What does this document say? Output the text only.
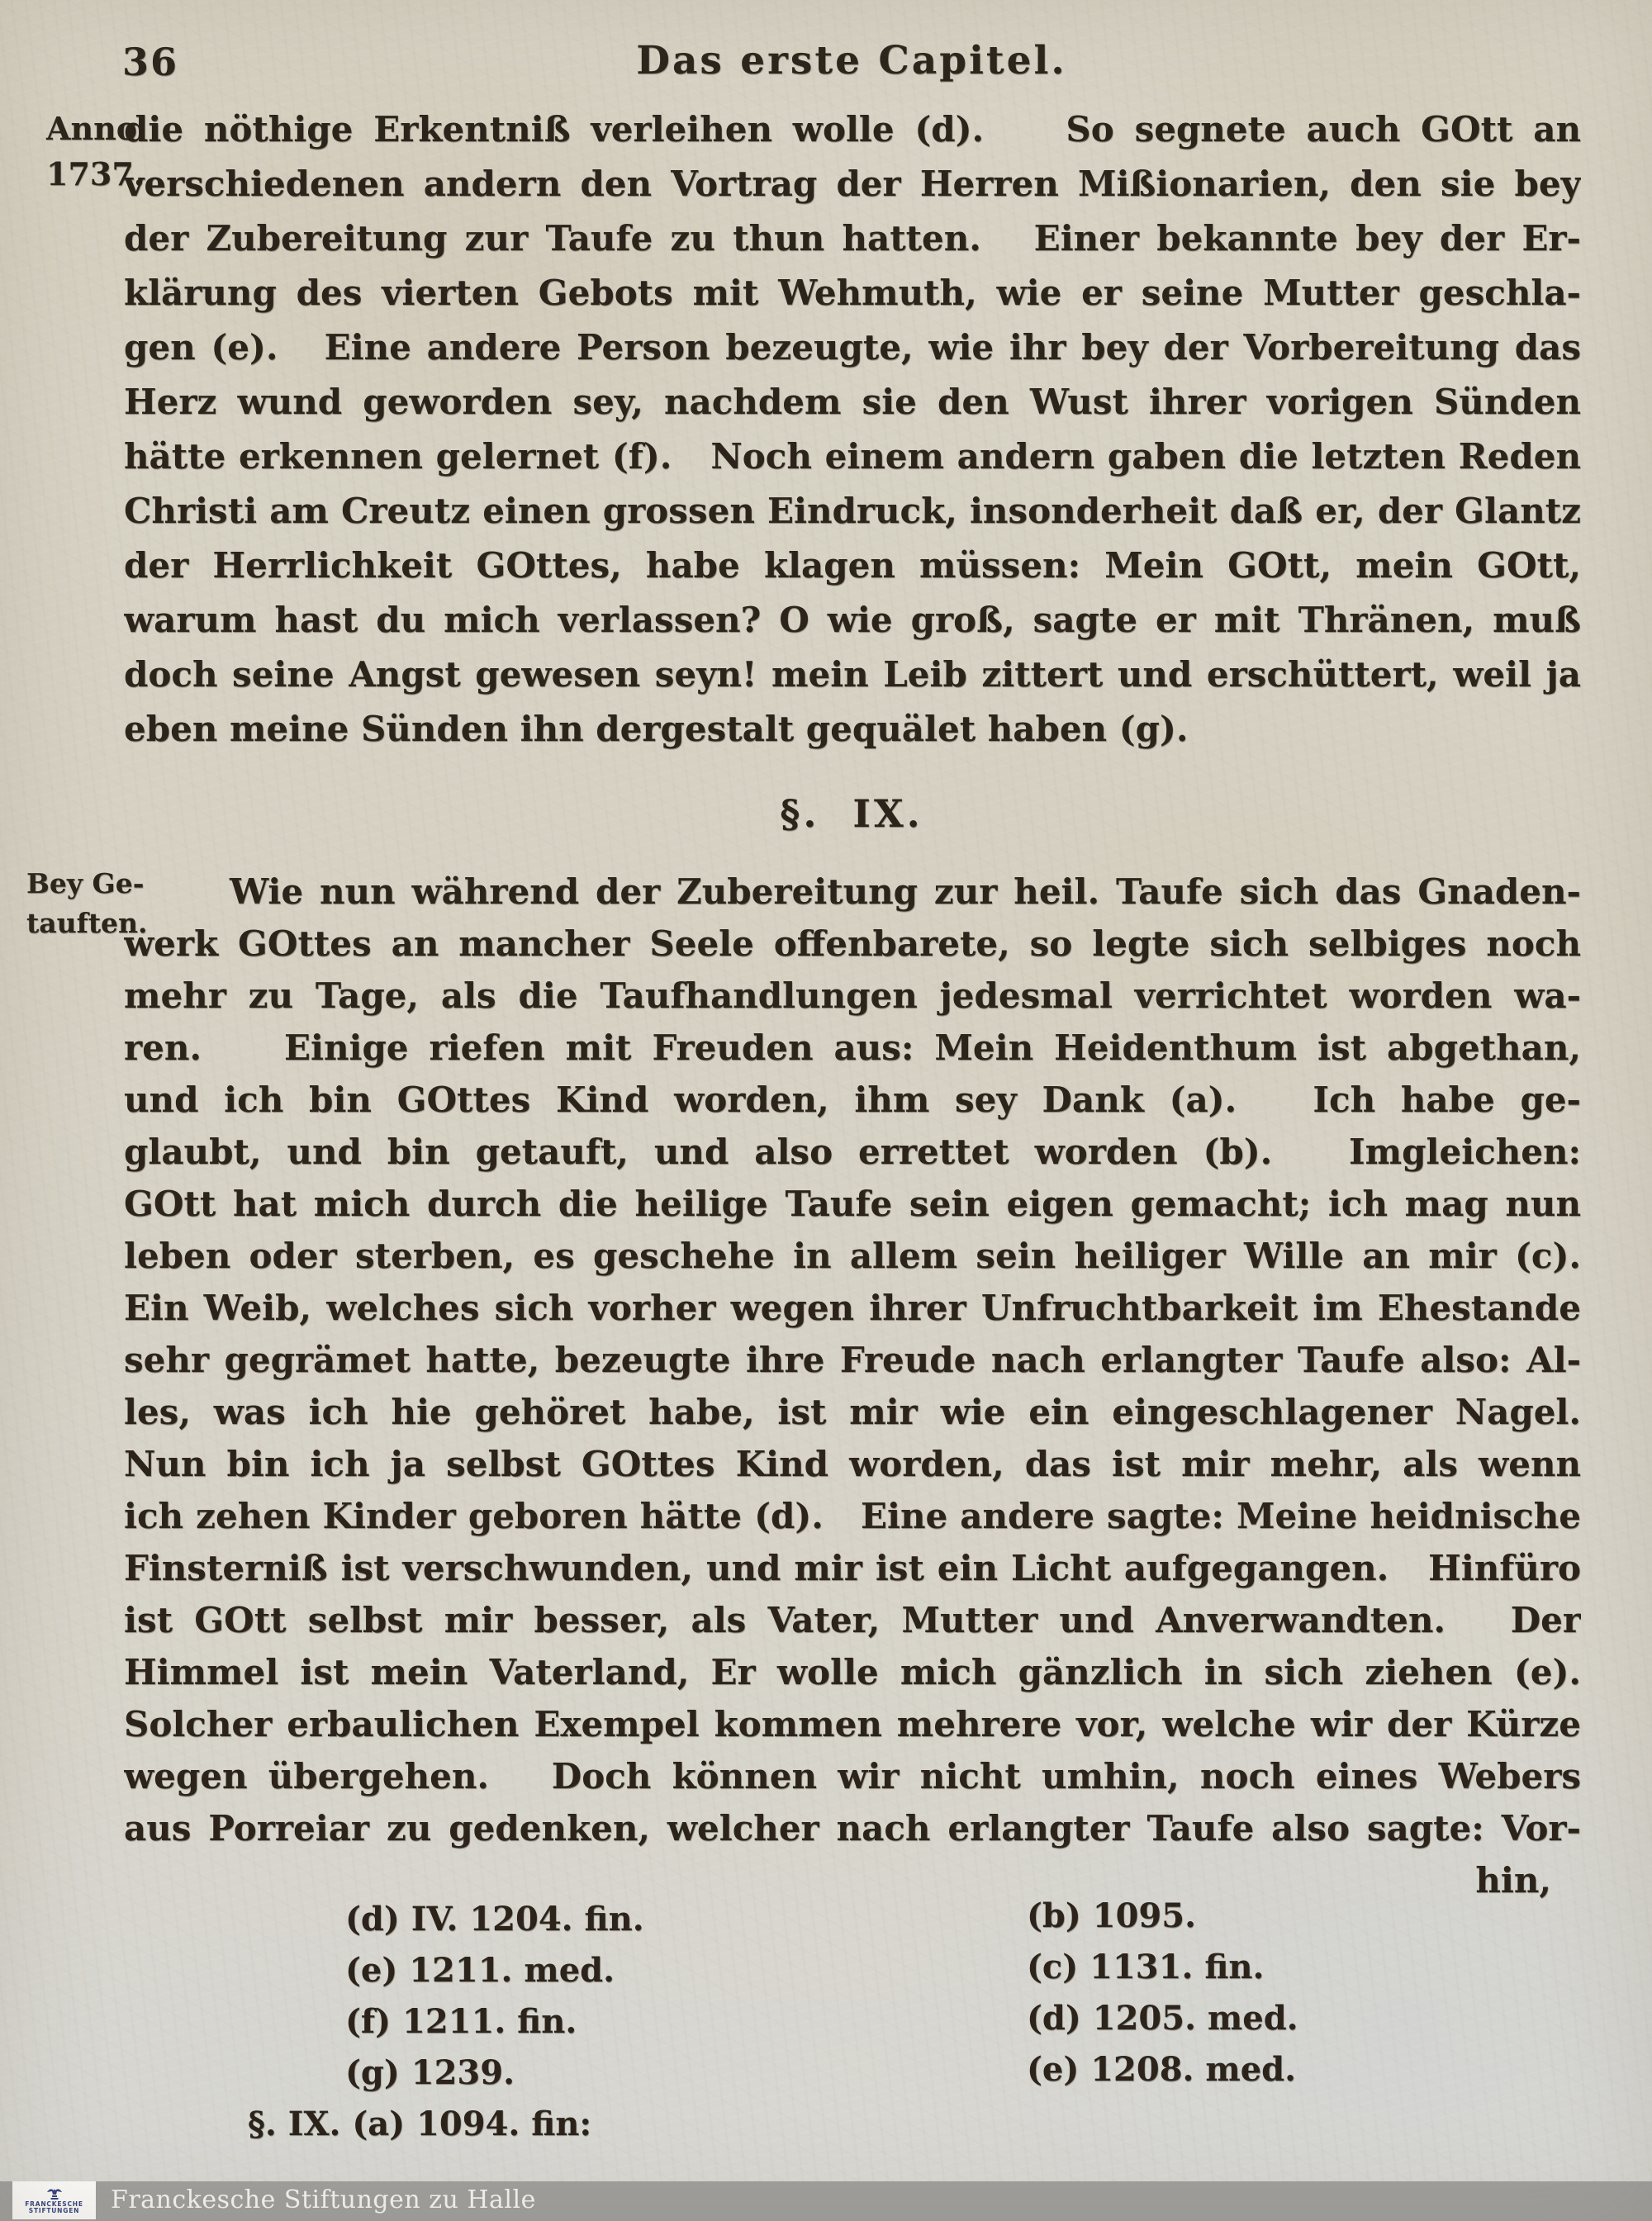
36	Das erste Capitel.
Anno
1737.
die nöthige Erkentniß verleihen wolle (d).    So segnete auch GOtt an
verschiedenen andern den Vortrag der Herren Mißionarien, den sie bey
der Zubereitung zur Taufe zu thun hatten.   Einer bekannte bey der Er-
klärung des vierten Gebots mit Wehmuth, wie er seine Mutter geschla-
gen (e).   Eine andere Person bezeugte, wie ihr bey der Vorbereitung das
Herz wund geworden sey, nachdem sie den Wust ihrer vorigen Sünden
hätte erkennen gelernet (f).   Noch einem andern gaben die letzten Reden
Christi am Creutz einen grossen Eindruck, insonderheit daß er, der Glantz
der Herrlichkeit GOttes, habe klagen müssen: Mein GOtt, mein GOtt,
warum hast du mich verlassen? O wie groß, sagte er mit Thränen, muß
doch seine Angst gewesen seyn! mein Leib zittert und erschüttert, weil ja
eben meine Sünden ihn dergestalt gequälet haben (g).
§.  IX.
Bey Ge-
tauften.
Wie nun während der Zubereitung zur heil. Taufe sich das Gnaden-
werk GOttes an mancher Seele offenbarete, so legte sich selbiges noch
mehr zu Tage, als die Taufhandlungen jedesmal verrichtet worden wa-
ren.    Einige riefen mit Freuden aus: Mein Heidenthum ist abgethan,
und ich bin GOttes Kind worden, ihm sey Dank (a).   Ich habe ge-
glaubt, und bin getauft, und also errettet worden (b).   Imgleichen:
GOtt hat mich durch die heilige Taufe sein eigen gemacht; ich mag nun
leben oder sterben, es geschehe in allem sein heiliger Wille an mir (c).
Ein Weib, welches sich vorher wegen ihrer Unfruchtbarkeit im Ehestande
sehr gegrämet hatte, bezeugte ihre Freude nach erlangter Taufe also: Al-
les, was ich hie gehöret habe, ist mir wie ein eingeschlagener Nagel.
Nun bin ich ja selbst GOttes Kind worden, das ist mir mehr, als wenn
ich zehen Kinder geboren hätte (d).   Eine andere sagte: Meine heidnische
Finsterniß ist verschwunden, und mir ist ein Licht aufgegangen.   Hinfüro
ist GOtt selbst mir besser, als Vater, Mutter und Anverwandten.   Der
Himmel ist mein Vaterland, Er wolle mich gänzlich in sich ziehen (e).
Solcher erbaulichen Exempel kommen mehrere vor, welche wir der Kürze
wegen übergehen.   Doch können wir nicht umhin, noch eines Webers
aus Porreiar zu gedenken, welcher nach erlangter Taufe also sagte: Vor-
hin,
(d) IV. 1204. fin.
(e) 1211. med.
(f) 1211. fin.
(g) 1239.
§. IX. (a) 1094. fin:
(b) 1095.
(c) 1131. fin.
(d) 1205. med.
(e) 1208. med.
Franckesche Stiftungen zu Halle
FRANCKESCHE
STIFTUNGEN
